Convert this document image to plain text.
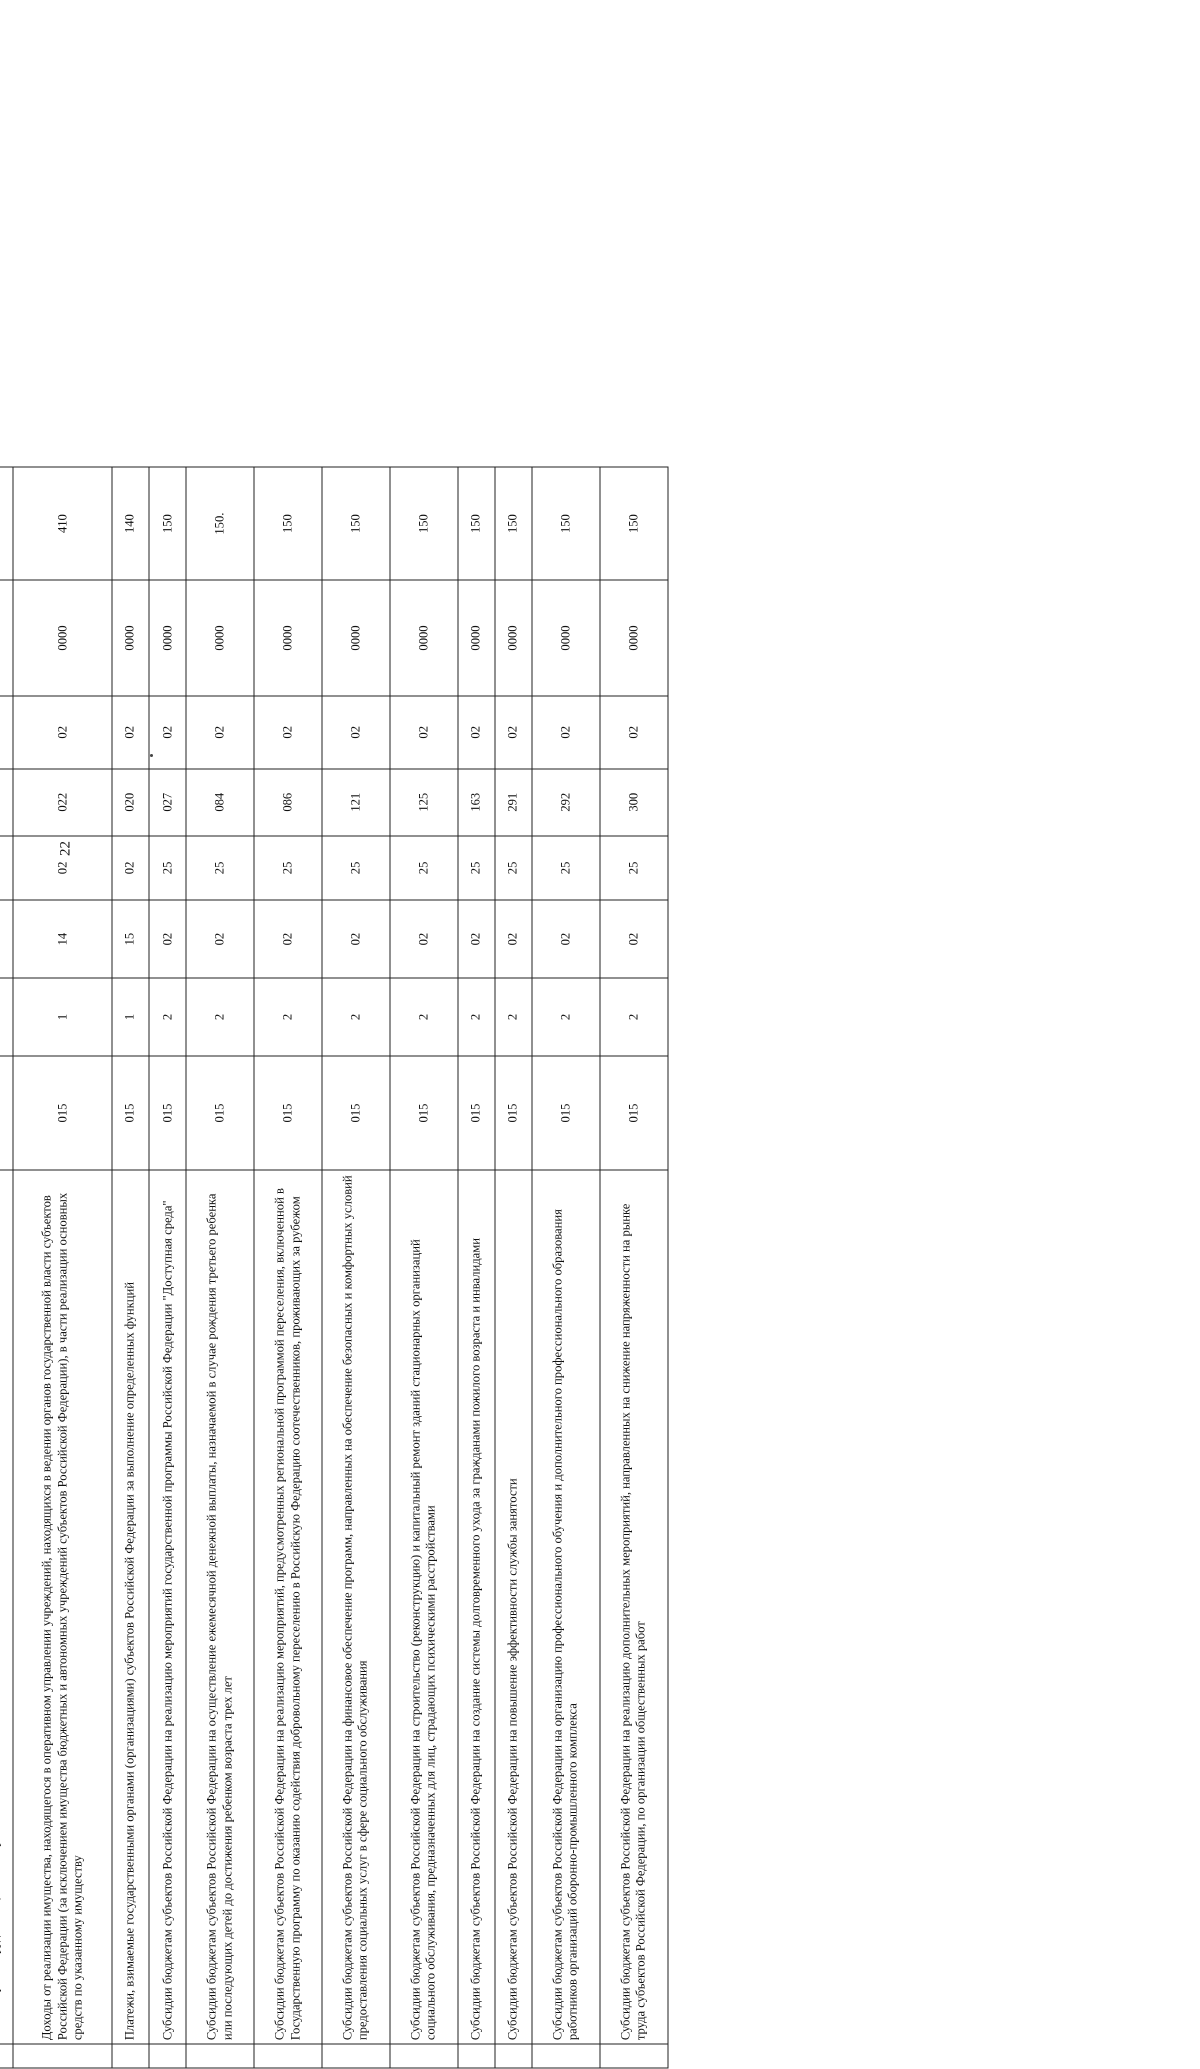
22

	Доходы от реализации имущества, находящегося в оперативном управлении учреждений, находящихся в ведении органов государственной власти субъектов Российской Федерации (за исключением имущества бюджетных и автономных учреждений субъектов Российской Федерации), в части реализации основных средств по указанному имуществу	015	1	14	02	022	02	0000	410
	Платежи, взимаемые государственными органами (организациями) субъектов Российской Федерации за выполнение определенных функций	015	1	15	02	020	02	0000	140
	Субсидии бюджетам субъектов Российской Федерации на реализацию мероприятий государственной программы Российской Федерации "Доступная среда"	015	2	02	25	027	02	0000	150
	Субсидии бюджетам субъектов Российской Федерации на осуществление ежемесячной денежной выплаты, назначаемой в случае рождения третьего ребенка или последующих детей до достижения ребенком возраста трех лет	015	2	02	25	084	02	0000	150.
	Субсидии бюджетам субъектов Российской Федерации на реализацию мероприятий, предусмотренных региональной программой переселения, включенной в Государственную программу по оказанию содействия добровольному переселению в Российскую Федерацию соотечественников, проживающих за рубежом	015	2	02	25	086	02	0000	150
	Субсидии бюджетам субъектов Российской Федерации на финансовое обеспечение программ, направленных на обеспечение безопасных и комфортных условий предоставления социальных услуг в сфере социального обслуживания	015	2	02	25	121	02	0000	150
	Субсидии бюджетам субъектов Российской Федерации на строительство (реконструкцию) и капитальный ремонт зданий стационарных организаций социального обслуживания, предназначенных для лиц, страдающих психическими расстройствами	015	2	02	25	125	02	0000	150
	Субсидии бюджетам субъектов Российской Федерации на создание системы долговременного ухода за гражданами пожилого возраста и инвалидами	015	2	02	25	163	02	0000	150
	Субсидии бюджетам субъектов Российской Федерации на повышение эффективности службы занятости	015	2	02	25	291	02	0000	150
	Субсидии бюджетам субъектов Российской Федерации на организацию профессионального обучения и дополнительного профессионального образования работников организаций оборонно-промышленного комплекса	015	2	02	25	292	02	0000	150
	Субсидии бюджетам субъектов Российской Федерации на реализацию дополнительных мероприятий, направленных на снижение напряженности на рынке труда субъектов Российской Федерации, по организации общественных работ	015	2	02	25	300	02	0000	150
